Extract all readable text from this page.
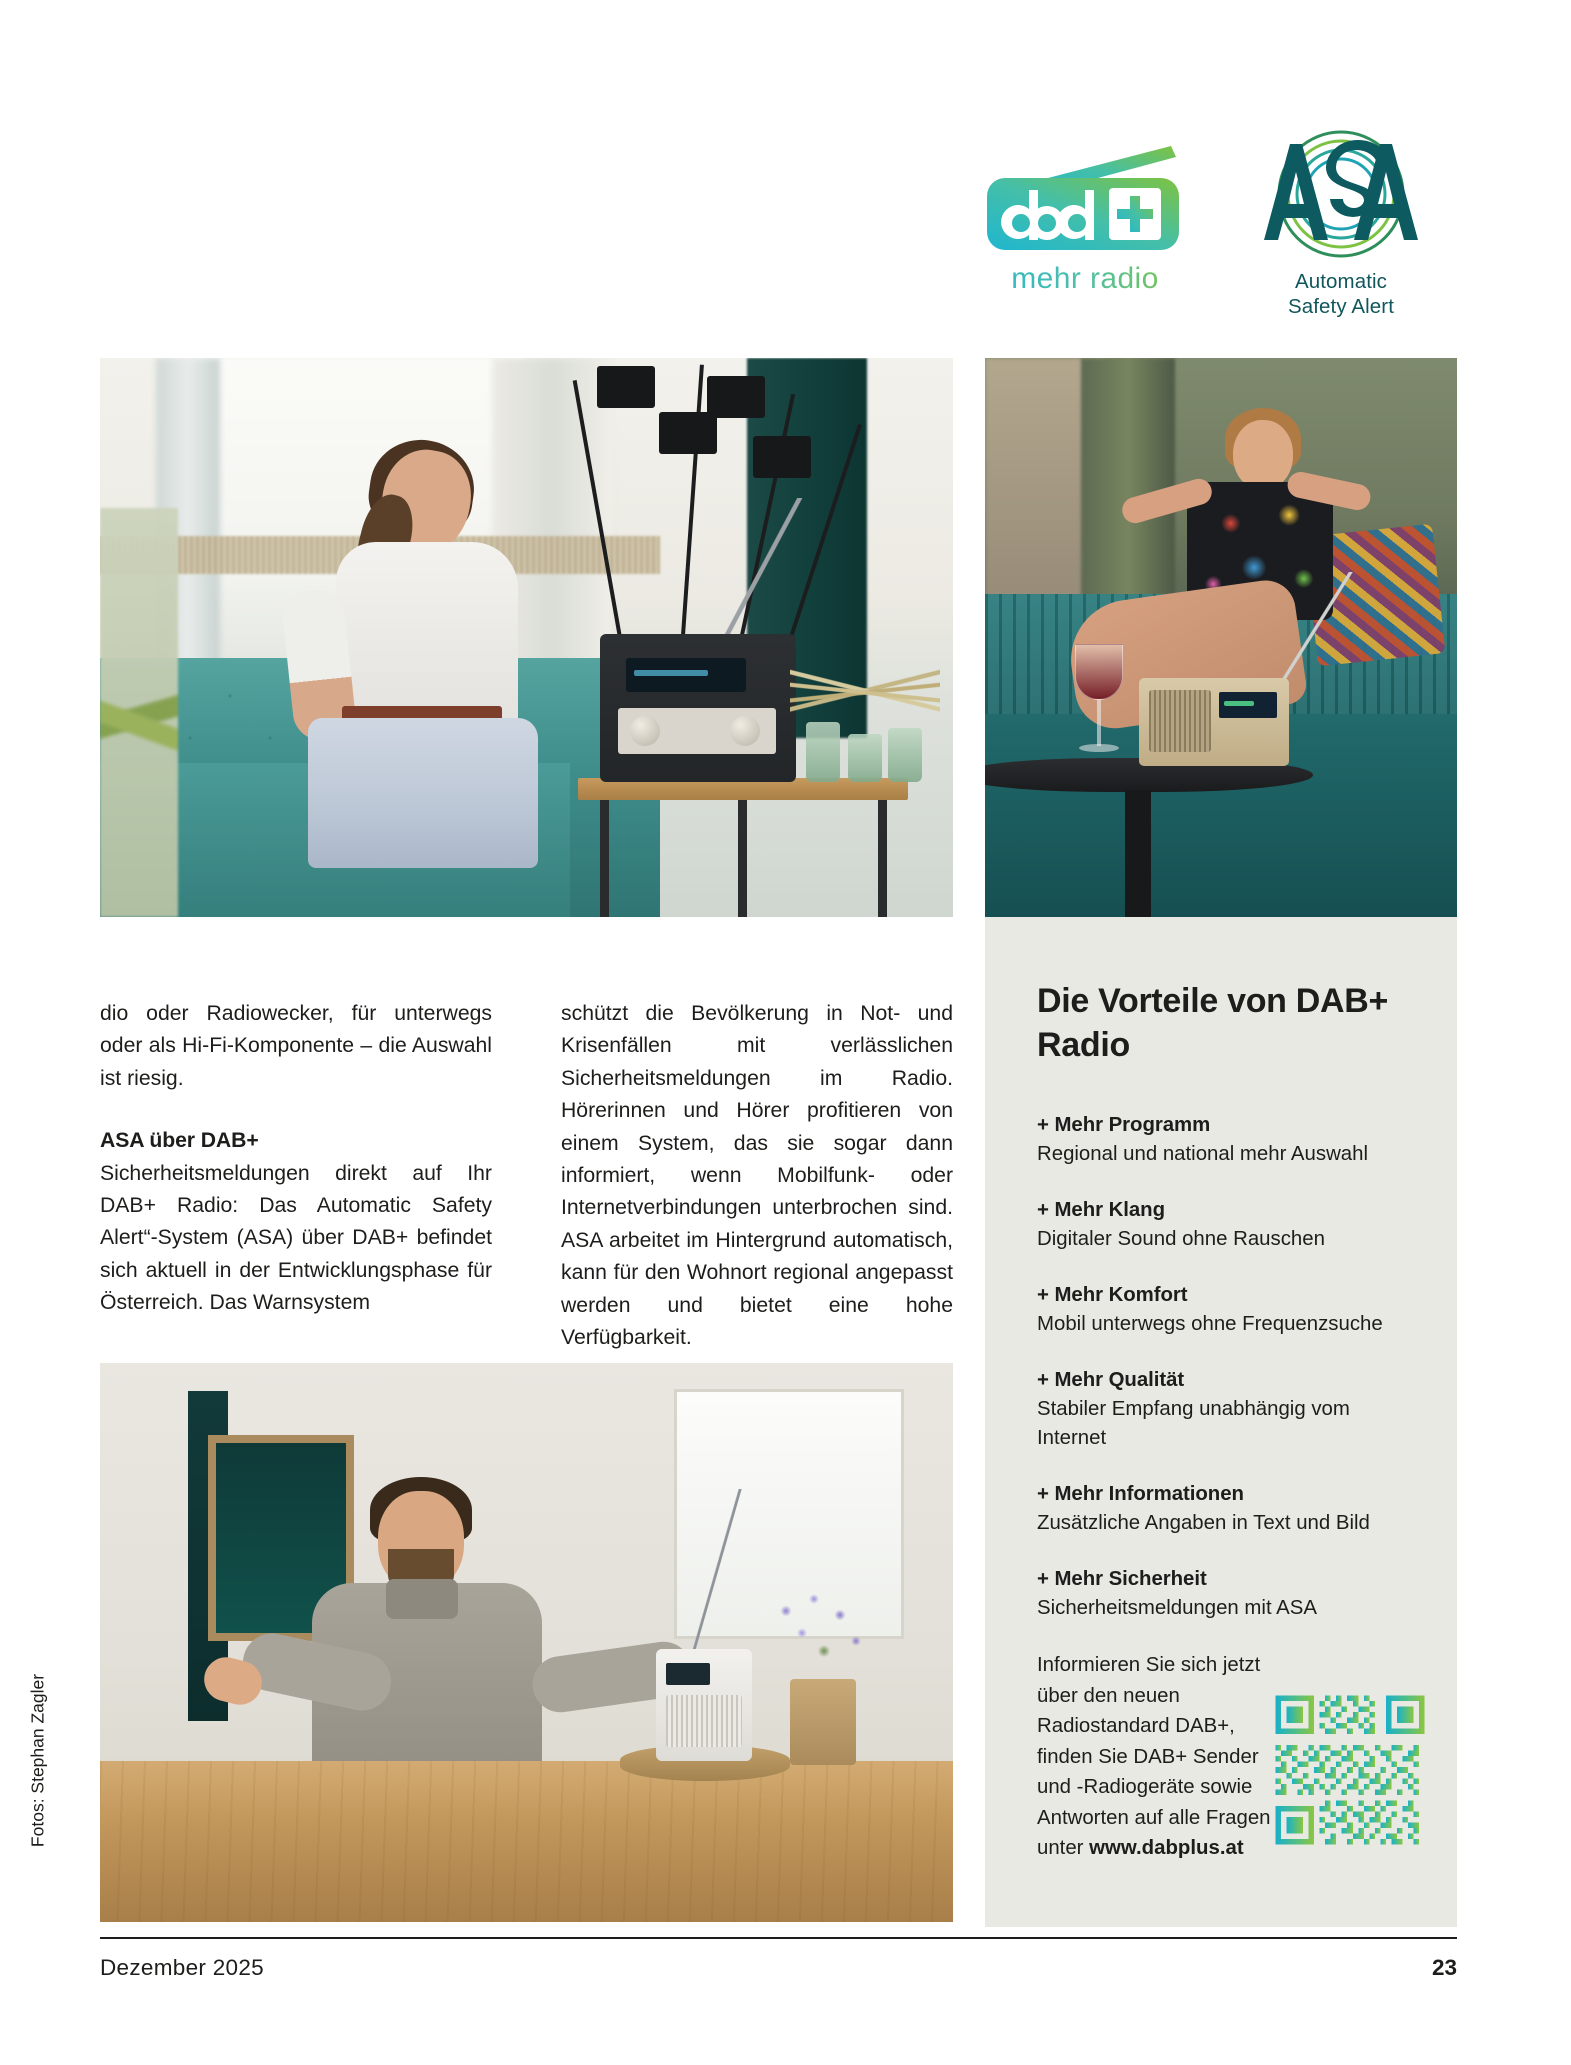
mehr radio	Automatic
Safety Alert

dio oder Radiowecker, für unterwegs oder als Hi-Fi-Komponente – die Auswahl ist riesig.

ASA über DAB+

Sicherheitsmeldungen direkt auf Ihr DAB+ Radio: Das Automatic Safety Alert“-System (ASA) über DAB+ befindet sich aktuell in der Entwicklungsphase für Österreich. Das Warnsystem

schützt die Bevölkerung in Not- und Krisenfällen mit verlässlichen Sicherheitsmeldungen im Radio. Hörerinnen und Hörer profitieren von einem System, das sie sogar dann informiert, wenn Mobilfunk- oder Internetverbindungen unterbrochen sind. ASA arbeitet im Hintergrund automatisch, kann für den Wohnort regional angepasst werden und bietet eine hohe Verfügbarkeit.

Die Vorteile von DAB+ Radio
+ Mehr Programm
Regional und national mehr Auswahl
+ Mehr Klang
Digitaler Sound ohne Rauschen
+ Mehr Komfort
Mobil unterwegs ohne Frequenzsuche
+ Mehr Qualität
Stabiler Empfang unabhängig vom Internet
+ Mehr Informationen
Zusätzliche Angaben in Text und Bild
+ Mehr Sicherheit
Sicherheitsmeldungen mit ASA
Informieren Sie sich jetzt über den neuen Radiostandard DAB+, finden Sie DAB+ Sender und -Radiogeräte sowie Antworten auf alle Fragen unter www.dabplus.at
Fotos: Stephan Zagler
Dezember 2025	23
